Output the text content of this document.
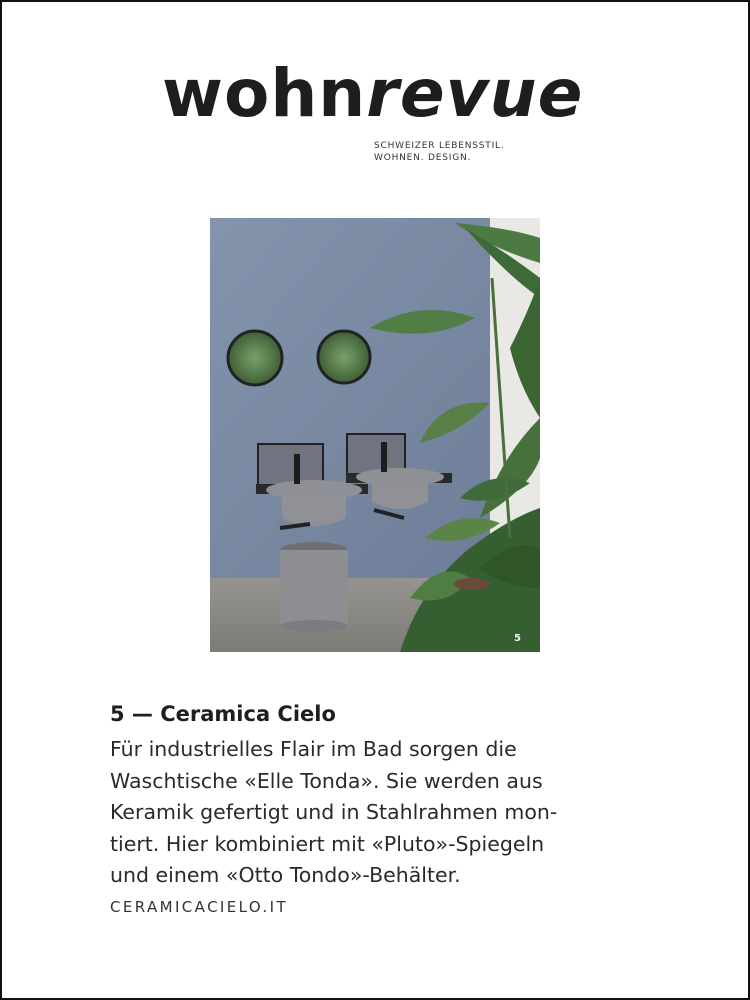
wohnrevue
SCHWEIZER LEBENSSTIL.
WOHNEN. DESIGN.
5
5 — Ceramica Cielo
Für industrielles Flair im Bad sorgen die
Waschtische «Elle Tonda». Sie werden aus
Keramik gefertigt und in Stahlrahmen mon-
tiert. Hier kombiniert mit «Pluto»-Spiegeln
und einem «Otto Tondo»-Behälter.
CERAMICACIELO.IT
